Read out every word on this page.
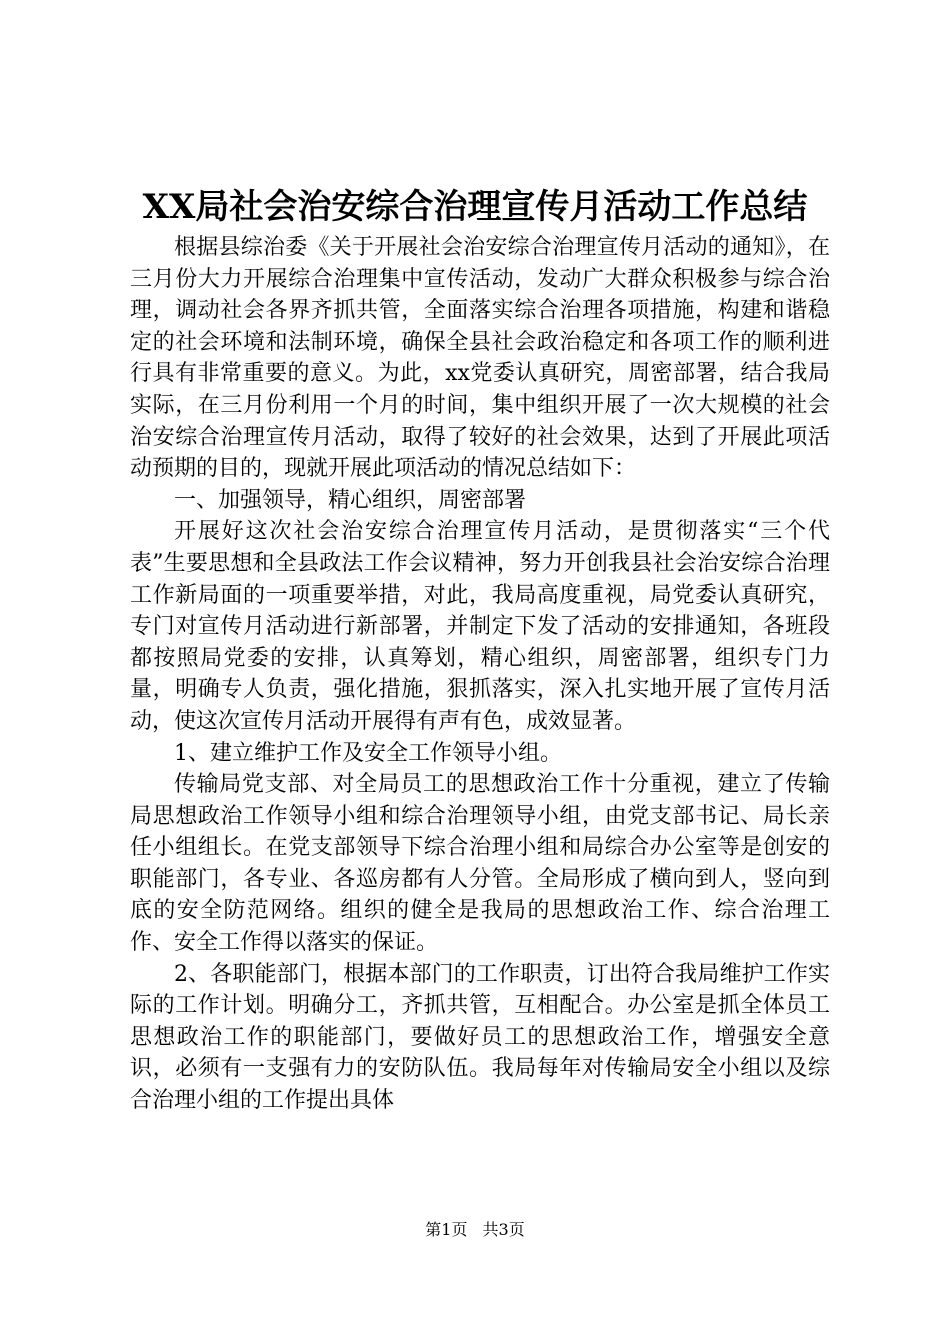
XX局社会治安综合治理宣传月活动工作总结

根据县综治委《关于开展社会治安综合治理宣传月活动的通知》，在三月份大力开展综合治理集中宣传活动，发动广大群众积极参与综合治理，调动社会各界齐抓共管，全面落实综合治理各项措施，构建和谐稳定的社会环境和法制环境，确保全县社会政治稳定和各项工作的顺利进行具有非常重要的意义。为此，xx党委认真研究，周密部署，结合我局实际，在三月份利用一个月的时间，集中组织开展了一次大规模的社会治安综合治理宣传月活动，取得了较好的社会效果，达到了开展此项活动预期的目的，现就开展此项活动的情况总结如下：

一、加强领导，精心组织，周密部署

开展好这次社会治安综合治理宣传月活动，是贯彻落实“三个代表”生要思想和全县政法工作会议精神，努力开创我县社会治安综合治理工作新局面的一项重要举措，对此，我局高度重视，局党委认真研究，专门对宣传月活动进行新部署，并制定下发了活动的安排通知，各班段都按照局党委的安排，认真筹划，精心组织，周密部署，组织专门力量，明确专人负责，强化措施，狠抓落实，深入扎实地开展了宣传月活动，使这次宣传月活动开展得有声有色，成效显著。

1、建立维护工作及安全工作领导小组。

传输局党支部、对全局员工的思想政治工作十分重视，建立了传输局思想政治工作领导小组和综合治理领导小组，由党支部书记、局长亲任小组组长。在党支部领导下综合治理小组和局综合办公室等是创安的职能部门，各专业、各巡房都有人分管。全局形成了横向到人，竖向到底的安全防范网络。组织的健全是我局的思想政治工作、综合治理工作、安全工作得以落实的保证。

2、各职能部门，根据本部门的工作职责，订出符合我局维护工作实际的工作计划。明确分工，齐抓共管，互相配合。办公室是抓全体员工思想政治工作的职能部门，要做好员工的思想政治工作，增强安全意识，必须有一支强有力的安防队伍。我局每年对传输局安全小组以及综合治理小组的工作提出具体

第1页 共3页
